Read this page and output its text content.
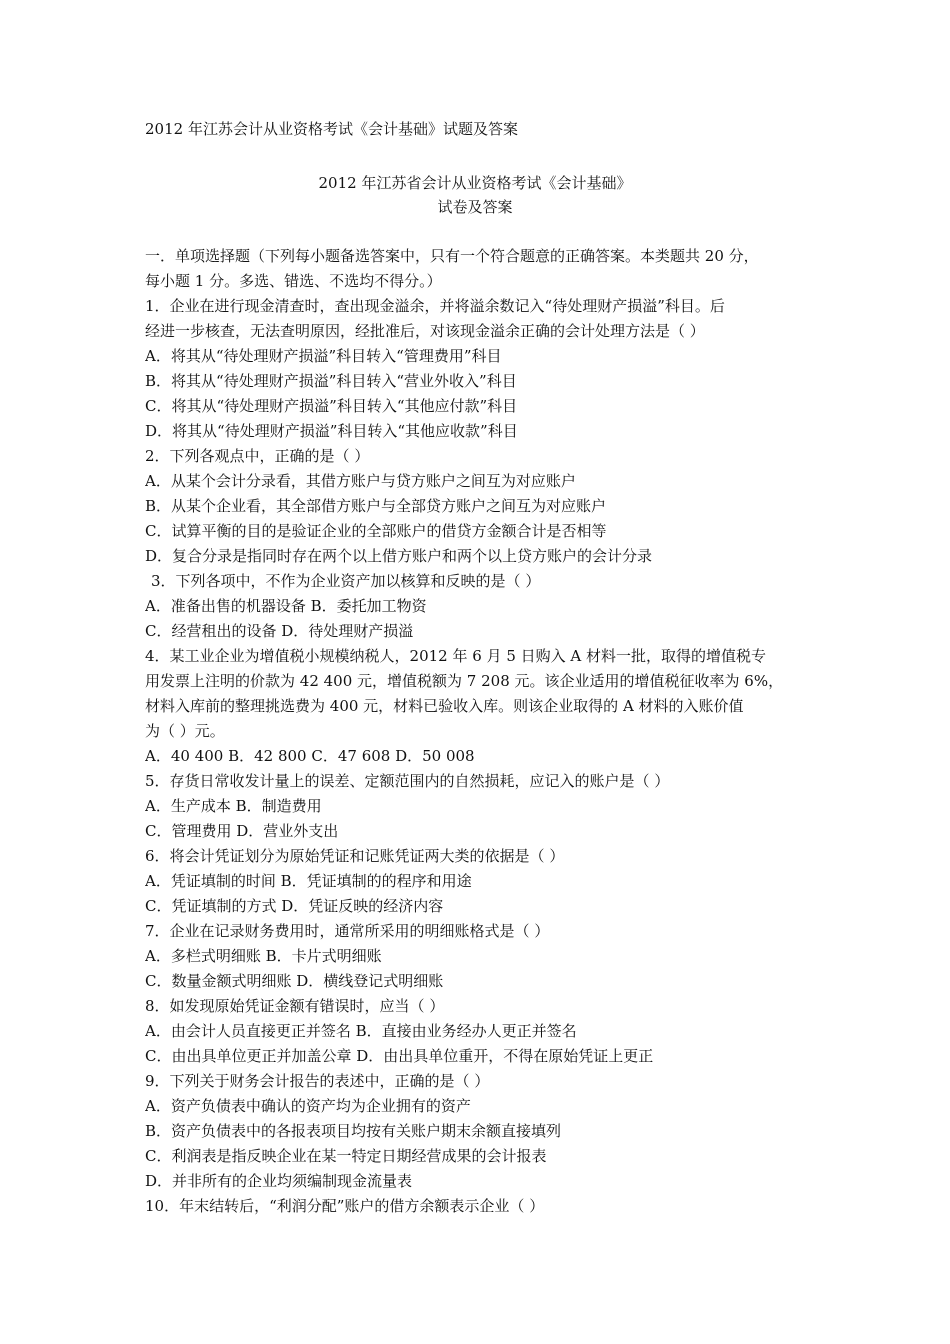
2012 年江苏会计从业资格考试《会计基础》试题及答案
2012 年江苏省会计从业资格考试《会计基础》
试卷及答案
一．单项选择题（下列每小题备选答案中，只有一个符合题意的正确答案。本类题共 20 分，
每小题 1 分。多选、错选、不选均不得分。）
1．企业在进行现金清查时，查出现金溢余，并将溢余数记入“待处理财产损溢”科目。后
经进一步核查，无法查明原因，经批准后，对该现金溢余正确的会计处理方法是（ ）
A．将其从“待处理财产损溢”科目转入“管理费用”科目
B．将其从“待处理财产损溢”科目转入“营业外收入”科目
C．将其从“待处理财产损溢”科目转入“其他应付款”科目
D．将其从“待处理财产损溢”科目转入“其他应收款”科目
2．下列各观点中，正确的是（ ）
A．从某个会计分录看，其借方账户与贷方账户之间互为对应账户
B．从某个企业看，其全部借方账户与全部贷方账户之间互为对应账户
C．试算平衡的目的是验证企业的全部账户的借贷方金额合计是否相等
D．复合分录是指同时存在两个以上借方账户和两个以上贷方账户的会计分录
3．下列各项中，不作为企业资产加以核算和反映的是（ ）
A．准备出售的机器设备 B．委托加工物资
C．经营租出的设备 D．待处理财产损溢
4．某工业企业为增值税小规模纳税人，2012 年 6 月 5 日购入 A 材料一批，取得的增值税专
用发票上注明的价款为 42 400 元，增值税额为 7 208 元。该企业适用的增值税征收率为 6%，
材料入库前的整理挑选费为 400 元，材料已验收入库。则该企业取得的 A 材料的入账价值
为（ ）元。
A．40 400 B．42 800 C．47 608 D．50 008
5．存货日常收发计量上的误差、定额范围内的自然损耗，应记入的账户是（ ）
A．生产成本 B．制造费用
C．管理费用 D．营业外支出
6．将会计凭证划分为原始凭证和记账凭证两大类的依据是（ ）
A．凭证填制的时间 B．凭证填制的的程序和用途
C．凭证填制的方式 D．凭证反映的经济内容
7．企业在记录财务费用时，通常所采用的明细账格式是（ ）
A．多栏式明细账 B．卡片式明细账
C．数量金额式明细账 D．横线登记式明细账
8．如发现原始凭证金额有错误时，应当（ ）
A．由会计人员直接更正并签名 B．直接由业务经办人更正并签名
C．由出具单位更正并加盖公章 D．由出具单位重开，不得在原始凭证上更正
9．下列关于财务会计报告的表述中，正确的是（ ）
A．资产负债表中确认的资产均为企业拥有的资产
B．资产负债表中的各报表项目均按有关账户期末余额直接填列
C．利润表是指反映企业在某一特定日期经营成果的会计报表
D．并非所有的企业均须编制现金流量表
10．年末结转后，“利润分配”账户的借方余额表示企业（ ）
